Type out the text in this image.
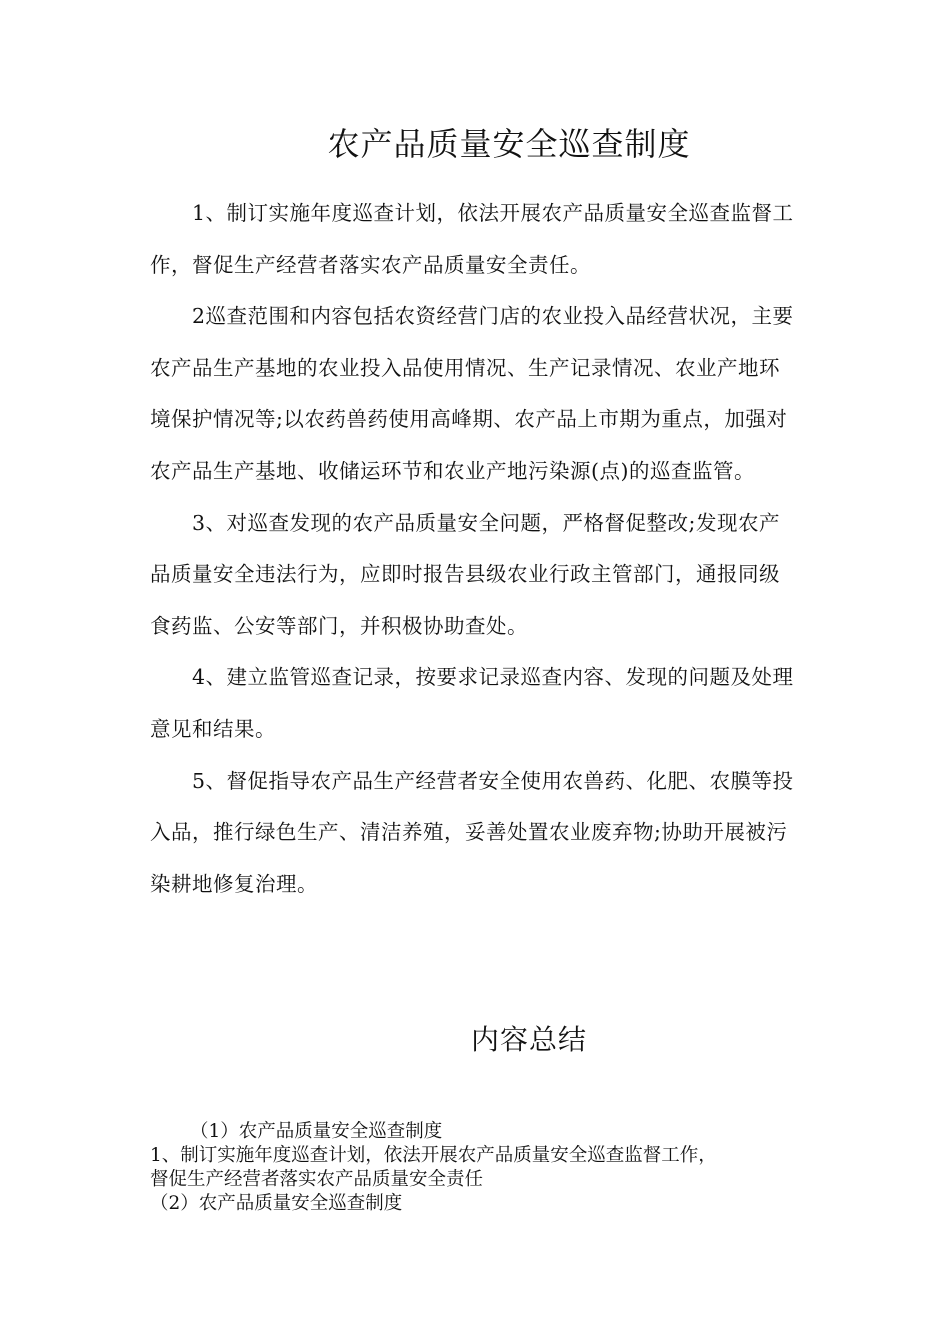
农产品质量安全巡查制度

1、制订实施年度巡查计划，依法开展农产品质量安全巡查监督工作，督促生产经营者落实农产品质量安全责任。

2巡查范围和内容包括农资经营门店的农业投入品经营状况，主要农产品生产基地的农业投入品使用情况、生产记录情况、农业产地环境保护情况等;以农药兽药使用高峰期、农产品上市期为重点，加强对农产品生产基地、收储运环节和农业产地污染源(点)的巡查监管。

3、对巡查发现的农产品质量安全问题，严格督促整改;发现农产品质量安全违法行为，应即时报告县级农业行政主管部门，通报同级食药监、公安等部门，并积极协助查处。

4、建立监管巡查记录，按要求记录巡查内容、发现的问题及处理意见和结果。

5、督促指导农产品生产经营者安全使用农兽药、化肥、农膜等投入品，推行绿色生产、清洁养殖，妥善处置农业废弃物;协助开展被污染耕地修复治理。

内容总结
（1）农产品质量安全巡查制度
1、制订实施年度巡查计划，依法开展农产品质量安全巡查监督工作，
督促生产经营者落实农产品质量安全责任
（2）农产品质量安全巡查制度
